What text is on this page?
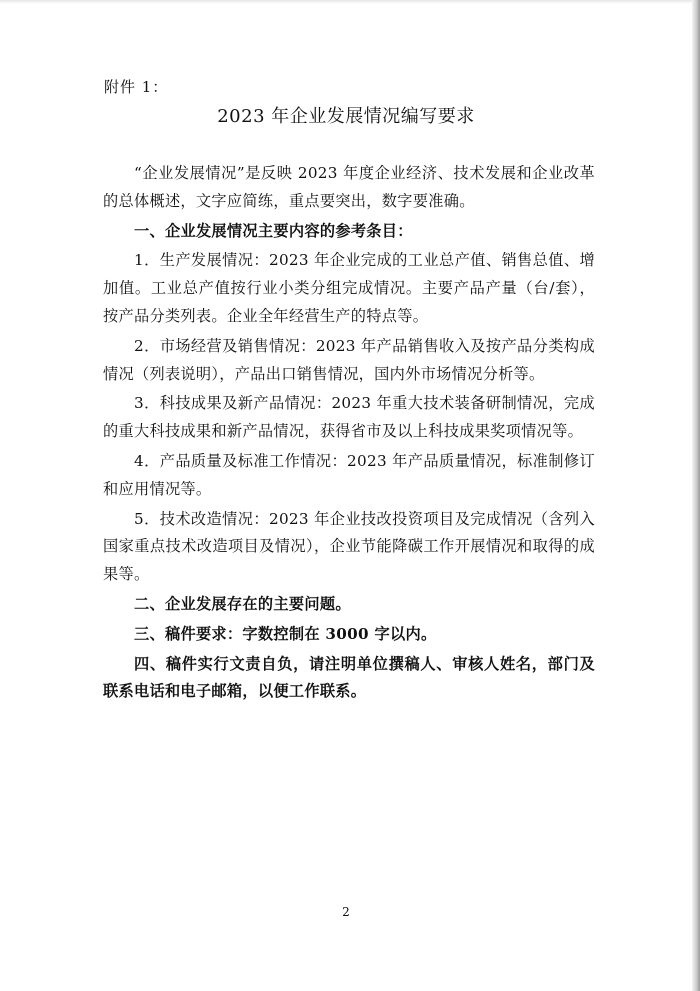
附件 1：
2023 年企业发展情况编写要求

“企业发展情况”是反映 2023 年度企业经济、技术发展和企业改革的总体概述，文字应简练，重点要突出，数字要准确。

一、企业发展情况主要内容的参考条目：

1．生产发展情况：2023 年企业完成的工业总产值、销售总值、增加值。工业总产值按行业小类分组完成情况。主要产品产量（台/套），按产品分类列表。企业全年经营生产的特点等。

2．市场经营及销售情况：2023 年产品销售收入及按产品分类构成情况（列表说明），产品出口销售情况，国内外市场情况分析等。

3．科技成果及新产品情况：2023 年重大技术装备研制情况，完成的重大科技成果和新产品情况，获得省市及以上科技成果奖项情况等。

4．产品质量及标准工作情况：2023 年产品质量情况，标准制修订和应用情况等。

5．技术改造情况：2023 年企业技改投资项目及完成情况（含列入国家重点技术改造项目及情况），企业节能降碳工作开展情况和取得的成果等。

二、企业发展存在的主要问题。

三、稿件要求：字数控制在 3000 字以内。

四、稿件实行文责自负，请注明单位撰稿人、审核人姓名，部门及联系电话和电子邮箱，以便工作联系。

2
